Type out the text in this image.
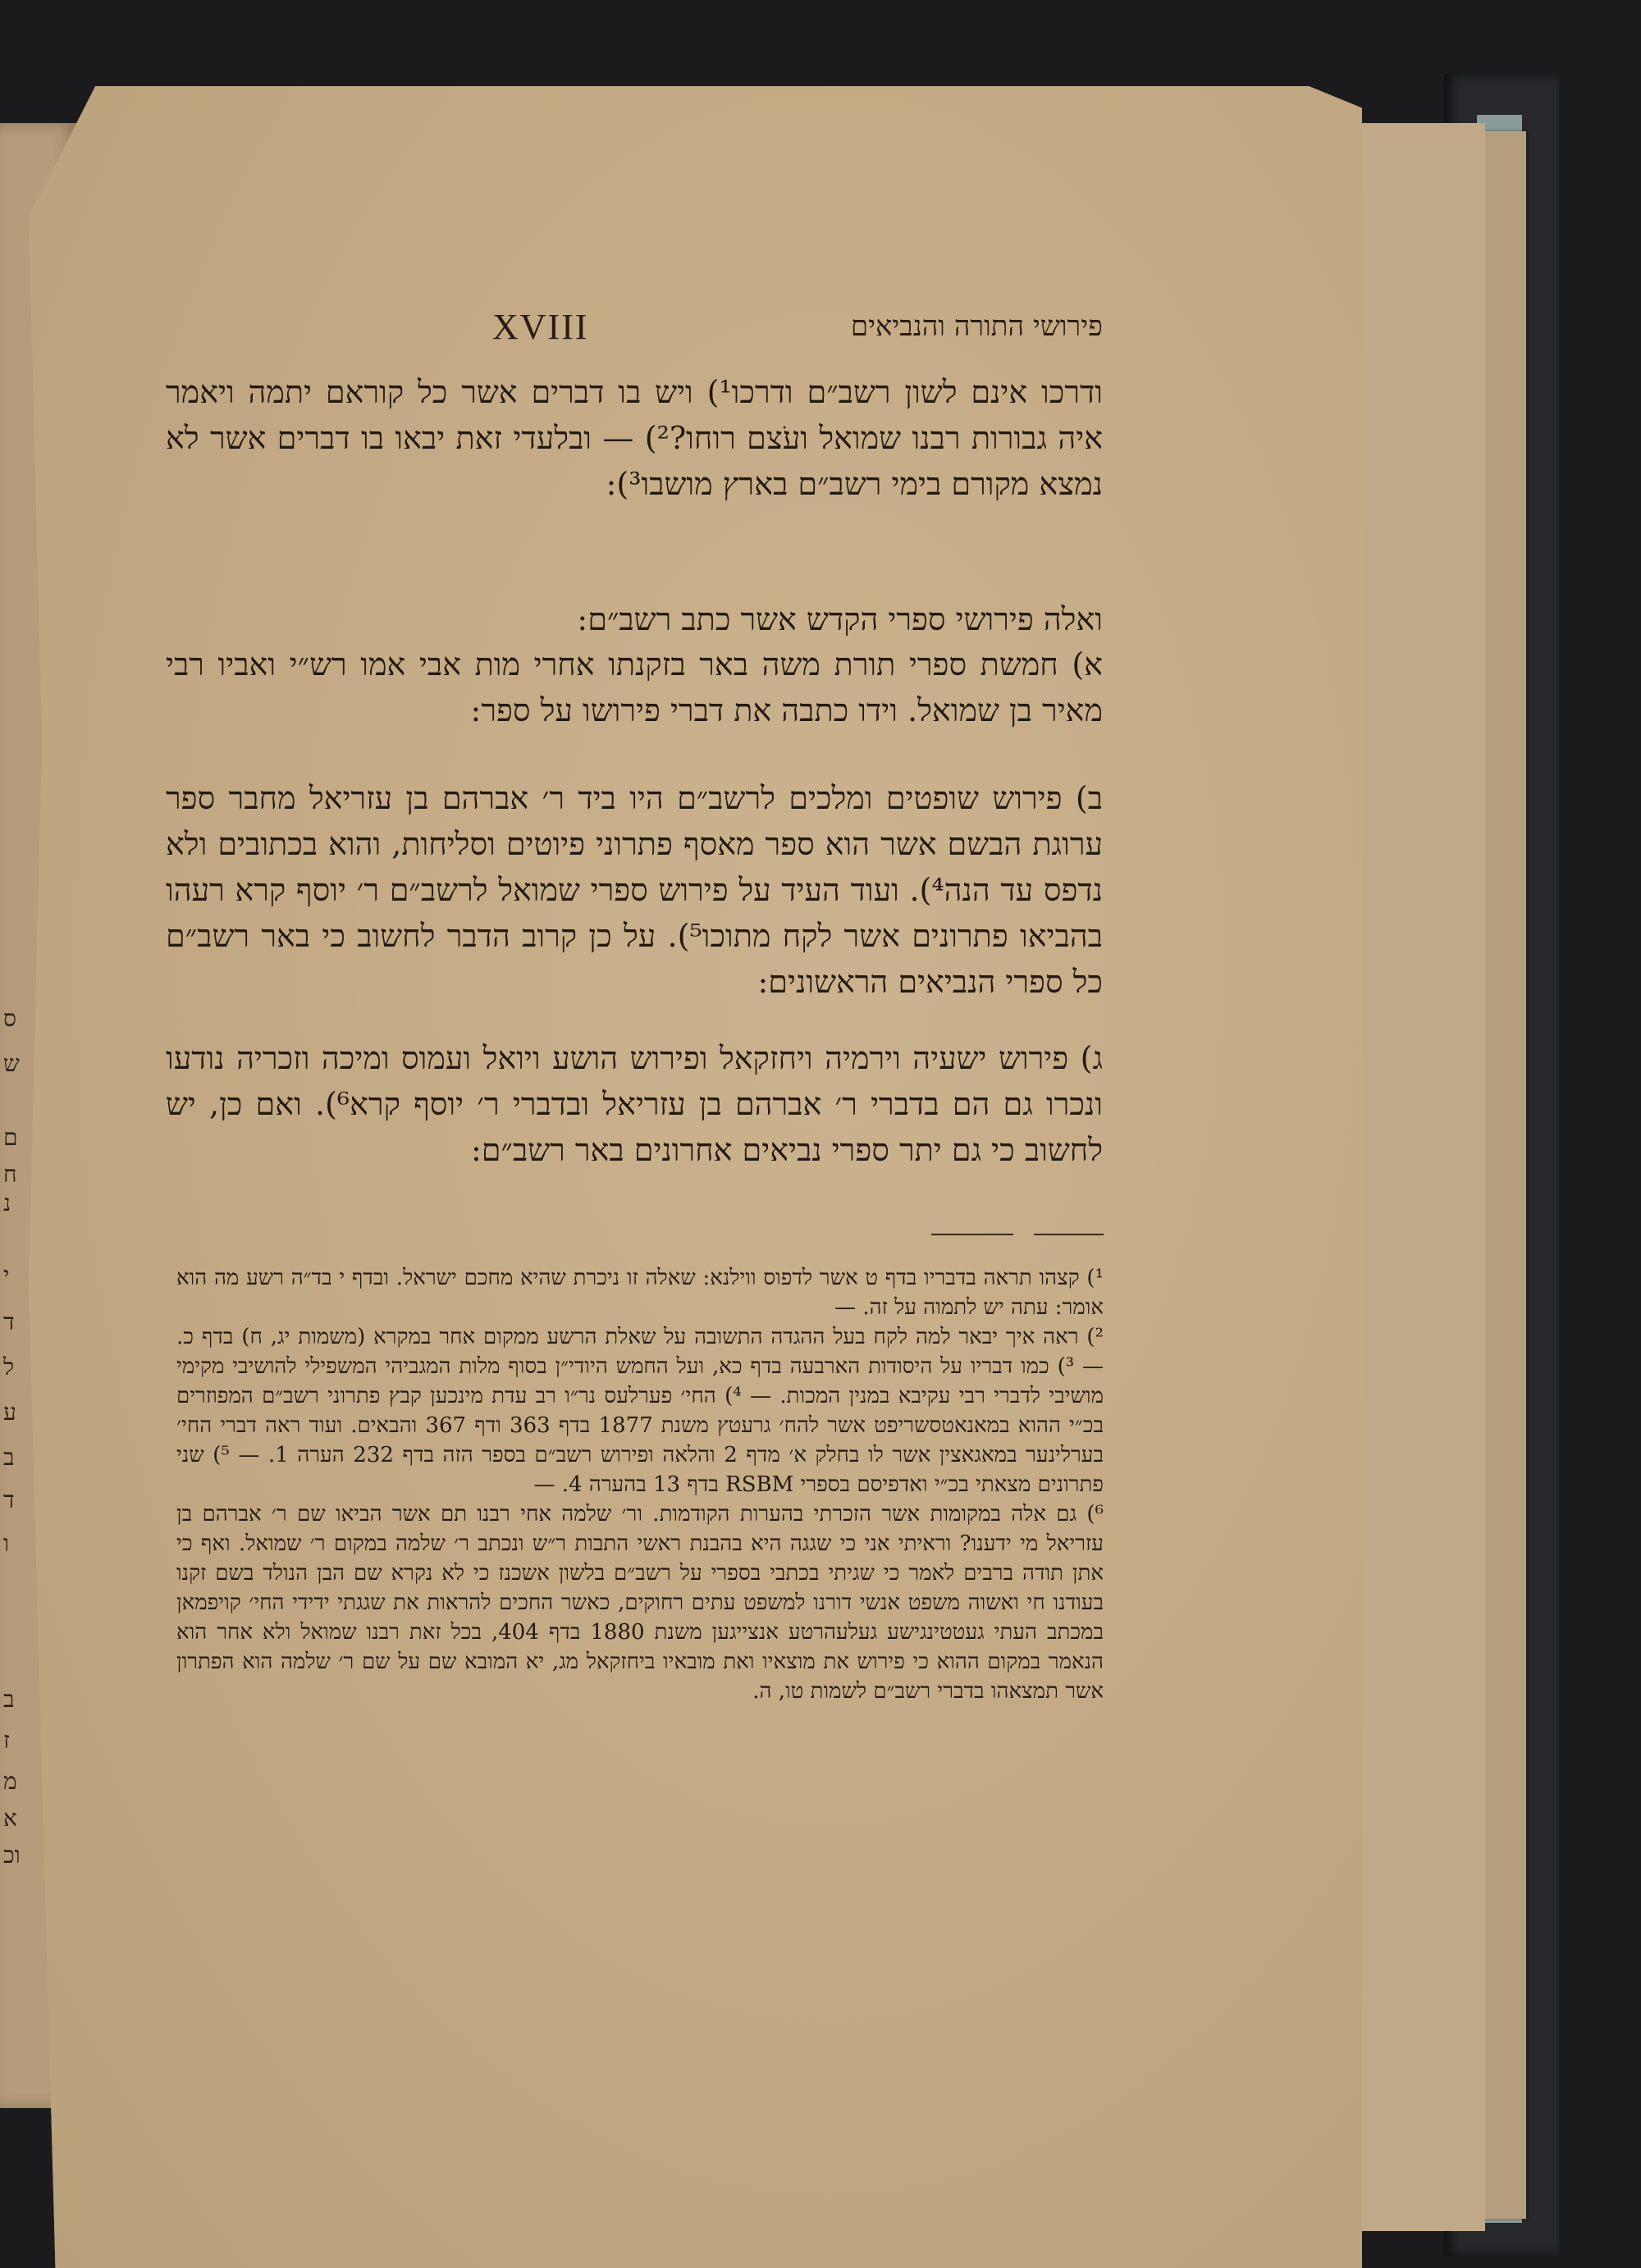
ס
ש
ם
ח
נ
י
ד
ל
ע
ב
ד
ו
ב
ז
מ
א
וכ
XVIII	פירושי התורה והנביאים
ודרכו אינם לשון רשב״ם ודרכו¹) ויש בו דברים אשר כל קוראם יתמה ויאמר איה גבורות רבנו שמואל ועֹצם רוחו?²) — ובלעדי זאת יבאו בו דברים אשר לא נמצא מקורם בימי רשב״ם בארץ מושבו³):
ואלה פירושי ספרי הקדש אשר כתב רשב״ם:
א) חמשת ספרי תורת משה באר בזקנתו אחרי מות אבי אמו רש״י ואביו רבי מאיר בן שמואל. וידו כתבה את דברי פירושו על ספר:
ב) פירוש שופטים ומלכים לרשב״ם היו ביד ר׳ אברהם בן עזריאל מחבר ספר ערוגת הבשם אשר הוא ספר מאסף פתרוני פיוטים וסליחות, והוא בכתובים ולא נדפס עד הנה⁴). ועוד העיד על פירוש ספרי שמואל לרשב״ם ר׳ יוסף קרא רעהו בהביאו פתרונים אשר לקח מתוכו⁵). על כן קרוב הדבר לחשוב כי באר רשב״ם כל ספרי הנביאים הראשונים:
ג) פירוש ישעיה וירמיה ויחזקאל ופירוש הושע ויואל ועמוס ומיכה וזכריה נודעו ונכרו גם הם בדברי ר׳ אברהם בן עזריאל ובדברי ר׳ יוסף קרא⁶). ואם כן, יש לחשוב כי גם יתר ספרי נביאים אחרונים באר רשב״ם:

¹) קצהו תראה בדבריו בדף ט אשר לדפוס ווילנא: שאלה זו ניכרת שהיא מחכם ישראל. ובדף י בד״ה רשע מה הוא אומר: עתה יש לתמוה על זה. —

²) ראה איך יבאר למה לקח בעל ההגדה התשובה על שאלת הרשע ממקום אחר במקרא (משמות יג, ח) בדף כ. — ³) כמו דבריו על היסודות הארבעה בדף כא, ועל החמש היודי״ן בסוף מלות המגביהי המשפילי להושיבי מקימי מושיבי לדברי רבי עקיבא במנין המכות. — ⁴) החי׳ פערלעס נר״ו רב עדת מינכען קבץ פתרוני רשב״ם המפוזרים בכ״י ההוא במאנאטסשריפט אשר להח׳ גרעטץ משנת 1877 בדף 363 ודף 367 והבאים. ועוד ראה דברי החי׳ בערלינער במאגאצין אשר לו בחלק א׳ מדף 2 והלאה ופירוש רשב״ם בספר הזה בדף 232 הערה 1. — ⁵) שני פתרונים מצאתי בכ״י ואדפיסם בספרי RSBM בדף 13 בהערה 4. —

⁶) גם אלה במקומות אשר הזכרתי בהערות הקודמות. ור׳ שלמה אחי רבנו תם אשר הביאו שם ר׳ אברהם בן עזריאל מי ידענו? וראיתי אני כי שגגה היא בהבנת ראשי התבות ר״ש ונכתב ר׳ שלמה במקום ר׳ שמואל. ואף כי אתן תודה ברבים לאמר כי שגיתי בכתבי בספרי על רשב״ם בלשון אשכנז כי לא נקרא שם הבן הנולד בשם זקנו בעודנו חי ואשוה משפט אנשי דורנו למשפט עתים רחוקים, כאשר החכים להראות את שגגתי ידידי החי׳ קויפמאן במכתב העתי געטטינגישע געלעהרטע אנצייגען משנת 1880 בדף 404, בכל זאת רבנו שמואל ולא אחר הוא הנאמר במקום ההוא כי פירוש את מוצאיו ואת מובאיו ביחזקאל מג, יא המובא שם על שם ר׳ שלמה הוא הפתרון אשר תמצאהו בדברי רשב״ם לשמות טו, ה.
